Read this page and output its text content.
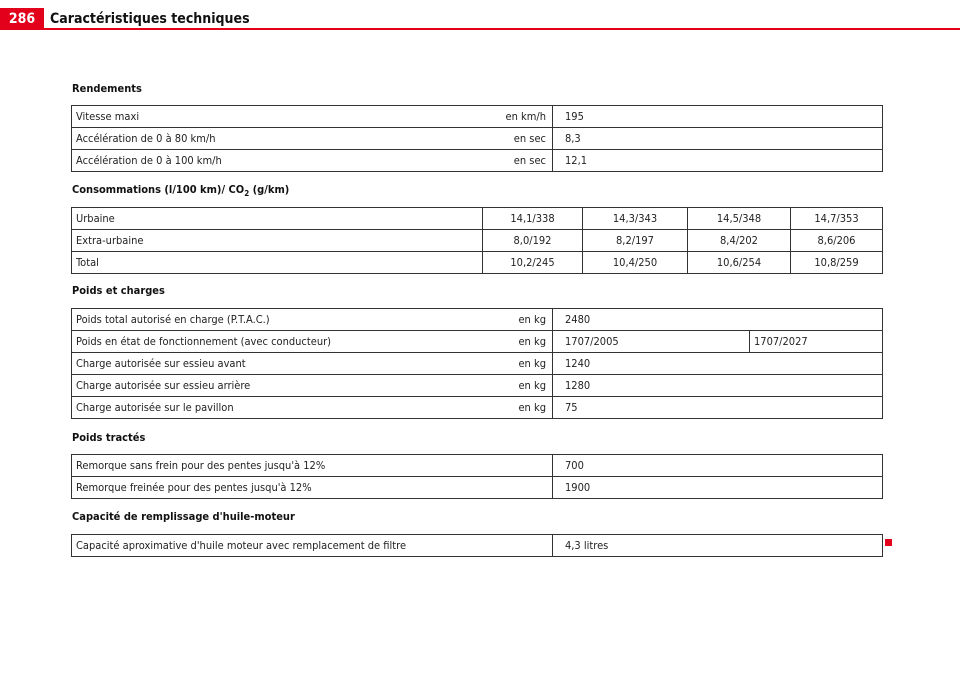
286	Caractéristiques techniques
Rendements
Vitesse maxi	en km/h	195
Accélération de 0 à 80 km/h	en sec	8,3
Accélération de 0 à 100 km/h	en sec	12,1
Consommations (l/100 km)/ $CO_2$ (g/km)
Urbaine	14,1/338	14,3/343	14,5/348	14,7/353
Extra-urbaine	8,0/192	8,2/197	8,4/202	8,6/206
Total	10,2/245	10,4/250	10,6/254	10,8/259
Poids et charges
Poids total autorisé en charge (P.T.A.C.)	en kg	2480	
Poids en état de fonctionnement (avec conducteur)	en kg	1707/2005	1707/2027
Charge autorisée sur essieu avant	en kg	1240	
Charge autorisée sur essieu arrière	en kg	1280	
Charge autorisée sur le pavillon	en kg	75	
Poids tractés
Remorque sans frein pour des pentes jusqu'à 12%	700
Remorque freinée pour des pentes jusqu'à 12%	1900
Capacité de remplissage d'huile-moteur
Capacité aproximative d'huile moteur avec remplacement de filtre	4,3 litres
